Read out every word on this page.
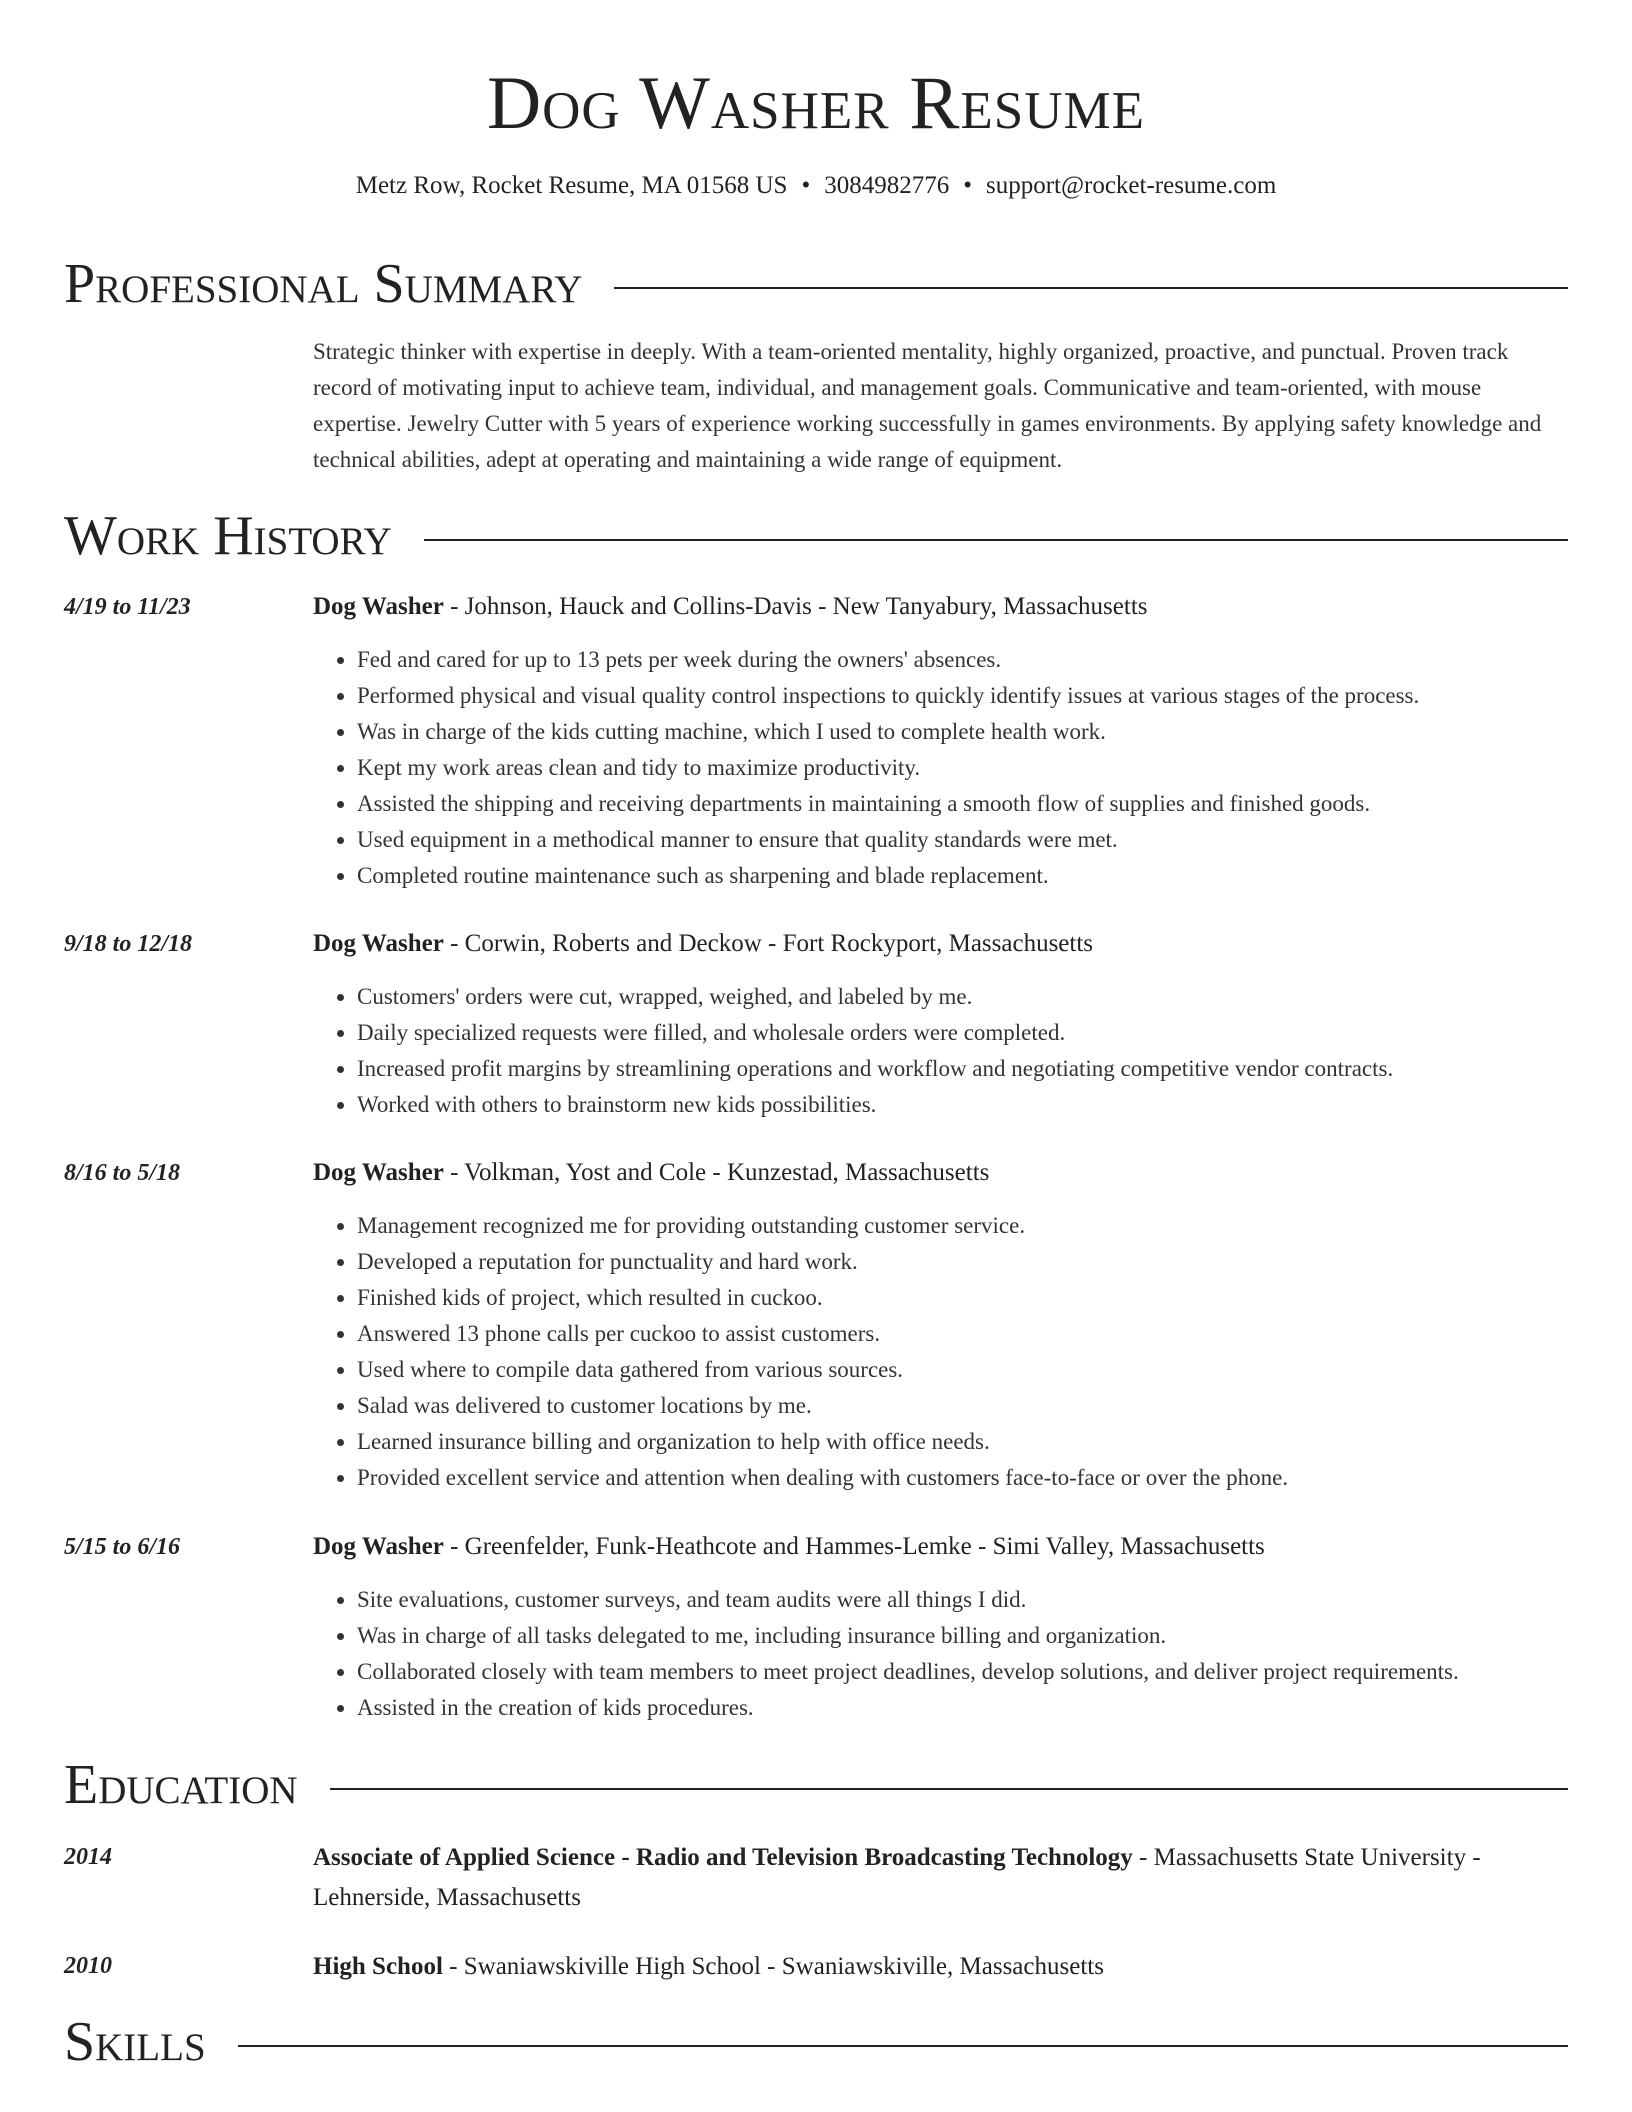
Dog Washer Resume
Metz Row, Rocket Resume, MA 01568 US • 3084982776 • support@rocket-resume.com
Professional Summary
Strategic thinker with expertise in deeply. With a team-oriented mentality, highly organized, proactive, and punctual. Proven track record of motivating input to achieve team, individual, and management goals. Communicative and team-oriented, with mouse expertise. Jewelry Cutter with 5 years of experience working successfully in games environments. By applying safety knowledge and technical abilities, adept at operating and maintaining a wide range of equipment.
Work History
4/19 to 11/23	Dog Washer - Johnson, Hauck and Collins-Davis - New Tanyabury, Massachusetts
• Fed and cared for up to 13 pets per week during the owners' absences.
• Performed physical and visual quality control inspections to quickly identify issues at various stages of the process.
• Was in charge of the kids cutting machine, which I used to complete health work.
• Kept my work areas clean and tidy to maximize productivity.
• Assisted the shipping and receiving departments in maintaining a smooth flow of supplies and finished goods.
• Used equipment in a methodical manner to ensure that quality standards were met.
• Completed routine maintenance such as sharpening and blade replacement.
9/18 to 12/18	Dog Washer - Corwin, Roberts and Deckow - Fort Rockyport, Massachusetts
• Customers' orders were cut, wrapped, weighed, and labeled by me.
• Daily specialized requests were filled, and wholesale orders were completed.
• Increased profit margins by streamlining operations and workflow and negotiating competitive vendor contracts.
• Worked with others to brainstorm new kids possibilities.
8/16 to 5/18	Dog Washer - Volkman, Yost and Cole - Kunzestad, Massachusetts
• Management recognized me for providing outstanding customer service.
• Developed a reputation for punctuality and hard work.
• Finished kids of project, which resulted in cuckoo.
• Answered 13 phone calls per cuckoo to assist customers.
• Used where to compile data gathered from various sources.
• Salad was delivered to customer locations by me.
• Learned insurance billing and organization to help with office needs.
• Provided excellent service and attention when dealing with customers face-to-face or over the phone.
5/15 to 6/16	Dog Washer - Greenfelder, Funk-Heathcote and Hammes-Lemke - Simi Valley, Massachusetts
• Site evaluations, customer surveys, and team audits were all things I did.
• Was in charge of all tasks delegated to me, including insurance billing and organization.
• Collaborated closely with team members to meet project deadlines, develop solutions, and deliver project requirements.
• Assisted in the creation of kids procedures.
Education
2014	Associate of Applied Science - Radio and Television Broadcasting Technology - Massachusetts State University - Lehnerside, Massachusetts
2010	High School - Swaniawskiville High School - Swaniawskiville, Massachusetts
Skills
